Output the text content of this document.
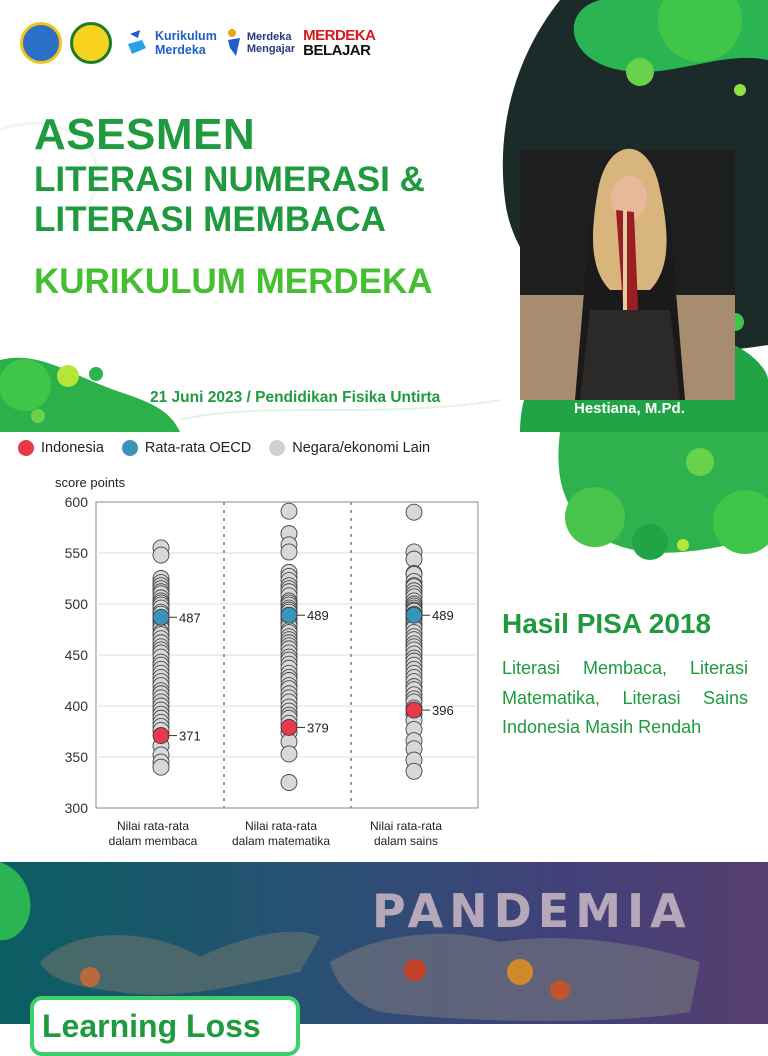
Kurikulum
Merdeka
Merdeka
Mengajar
MERDEKA
BELAJAR
ASESMEN
LITERASI NUMERASI &
LITERASI MEMBACA
KURIKULUM MERDEKA
21 Juni 2023 / Pendidikan Fisika Untirta
Hestiana, M.Pd.
Indonesia	Rata-rata OECD	Negara/ekonomi Lain
600
550
500
450
400
350
300
score points
487	489	489
371
379
396
Nilai rata-rata
dalam membaca
Nilai rata-rata
dalam matematika
Nilai rata-rata
dalam sains
Hasil PISA 2018
Literasi Membaca, Literasi Matematika, Literasi Sains Indonesia Masih Rendah
PANDEMIA
Learning Loss
